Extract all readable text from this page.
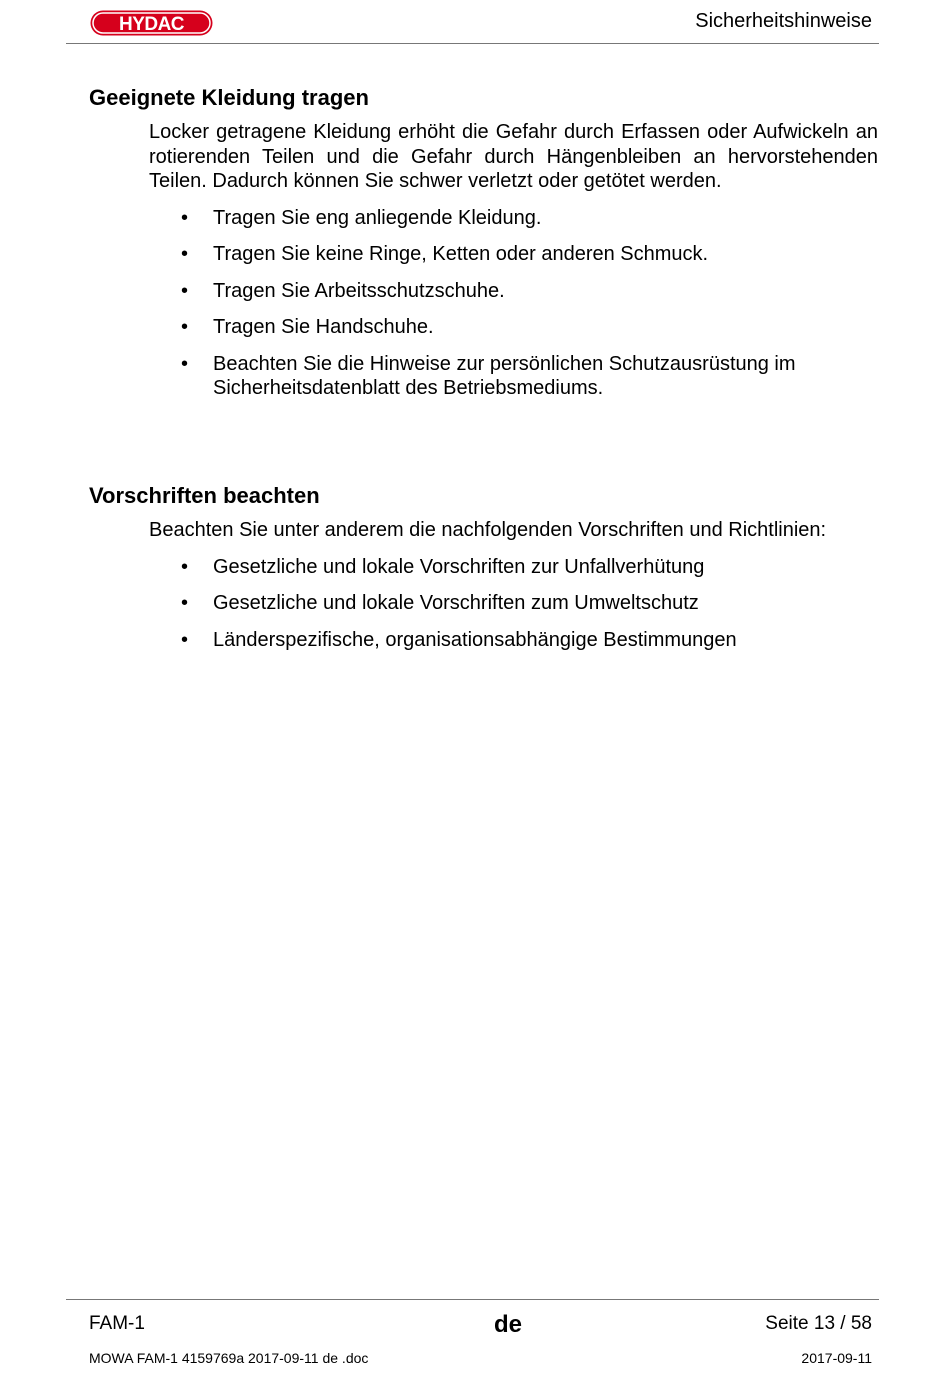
HYDAC	Sicherheitshinweise
Geeignete Kleidung tragen

Locker getragene Kleidung erhöht die Gefahr durch Erfassen oder Aufwickeln an rotierenden Teilen und die Gefahr durch Hängenbleiben an hervorstehenden Teilen. Dadurch können Sie schwer verletzt oder getötet werden.

• Tragen Sie eng anliegende Kleidung.
• Tragen Sie keine Ringe, Ketten oder anderen Schmuck.
• Tragen Sie Arbeitsschutzschuhe.
• Tragen Sie Handschuhe.
• Beachten Sie die Hinweise zur persönlichen Schutzausrüstung im Sicherheitsdatenblatt des Betriebsmediums.
Vorschriften beachten

Beachten Sie unter anderem die nachfolgenden Vorschriften und Richtlinien:

• Gesetzliche und lokale Vorschriften zur Unfallverhütung
• Gesetzliche und lokale Vorschriften zum Umweltschutz
• Länderspezifische, organisationsabhängige Bestimmungen
FAM-1	de	Seite 13 / 58
MOWA FAM-1 4159769a 2017-09-11 de .doc	2017-09-11
